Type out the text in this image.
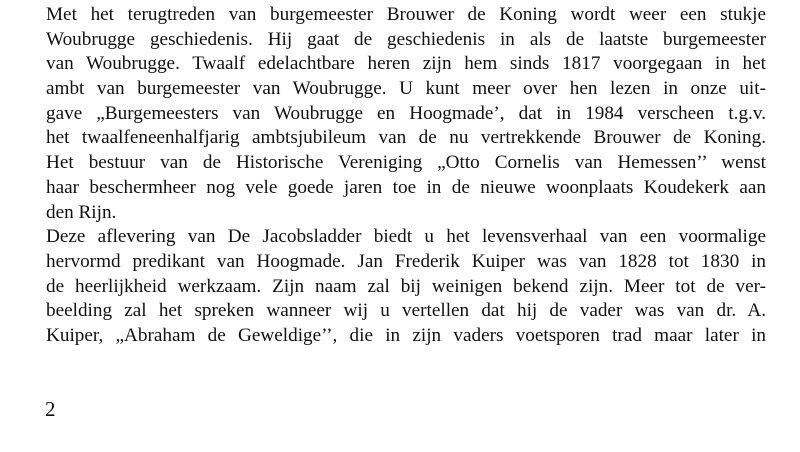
Met het terugtreden van burgemeester Brouwer de Koning wordt weer een stukje
Woubrugge geschiedenis. Hij gaat de geschiedenis in als de laatste burgemeester
van Woubrugge. Twaalf edelachtbare heren zijn hem sinds 1817 voorgegaan in het
ambt van burgemeester van Woubrugge. U kunt meer over hen lezen in onze uit-
gave „Burgemeesters van Woubrugge en Hoogmade’, dat in 1984 verscheen t.g.v.
het twaalfeneenhalfjarig ambtsjubileum van de nu vertrekkende Brouwer de Koning.
Het bestuur van de Historische Vereniging „Otto Cornelis van Hemessen’’ wenst
haar beschermheer nog vele goede jaren toe in de nieuwe woonplaats Koudekerk aan
den Rijn.
Deze aflevering van De Jacobsladder biedt u het levensverhaal van een voormalige
hervormd predikant van Hoogmade. Jan Frederik Kuiper was van 1828 tot 1830 in
de heerlijkheid werkzaam. Zijn naam zal bij weinigen bekend zijn. Meer tot de ver-
beelding zal het spreken wanneer wij u vertellen dat hij de vader was van dr. A.
Kuiper, „Abraham de Geweldige’’, die in zijn vaders voetsporen trad maar later in
2
